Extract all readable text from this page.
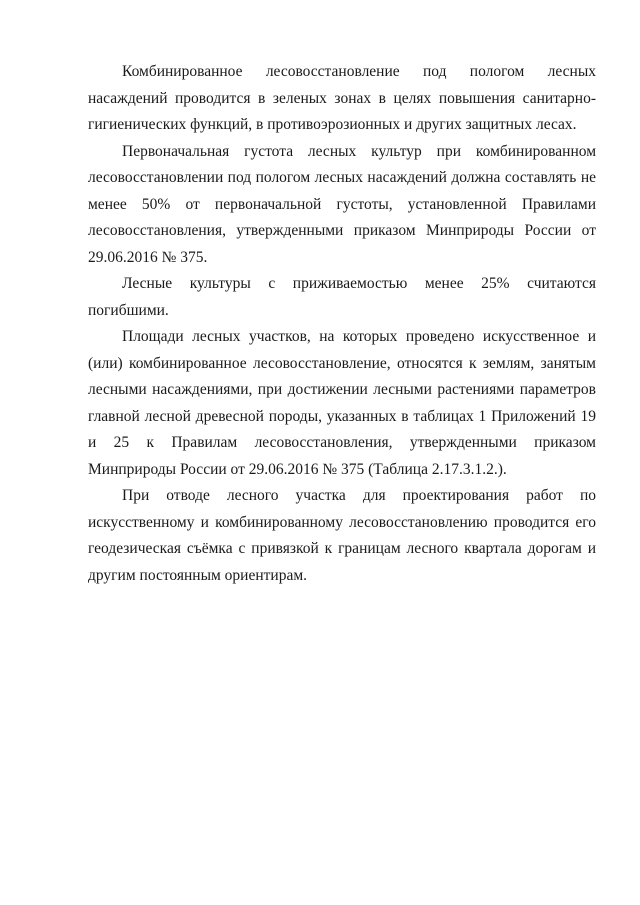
Комбинированное лесовосстановление под пологом лесных насаждений проводится в зеленых зонах в целях повышения санитарно-гигиенических функций, в противоэрозионных и других защитных лесах.

Первоначальная густота лесных культур при комбинированном лесовосстановлении под пологом лесных насаждений должна составлять не менее 50% от первоначальной густоты, установленной Правилами лесовосстановления, утвержденными приказом Минприроды России от 29.06.2016 № 375.

Лесные культуры с приживаемостью менее 25% считаются погибшими.

Площади лесных участков, на которых проведено искусственное и (или) комбинированное лесовосстановление, относятся к землям, занятым лесными насаждениями, при достижении лесными растениями параметров главной лесной древесной породы, указанных в таблицах 1 Приложений 19 и 25 к Правилам лесовосстановления, утвержденными приказом Минприроды России от 29.06.2016 № 375 (Таблица 2.17.3.1.2.).

При отводе лесного участка для проектирования работ по искусственному и комбинированному лесовосстановлению проводится его геодезическая съёмка с привязкой к границам лесного квартала дорогам и другим постоянным ориентирам.
